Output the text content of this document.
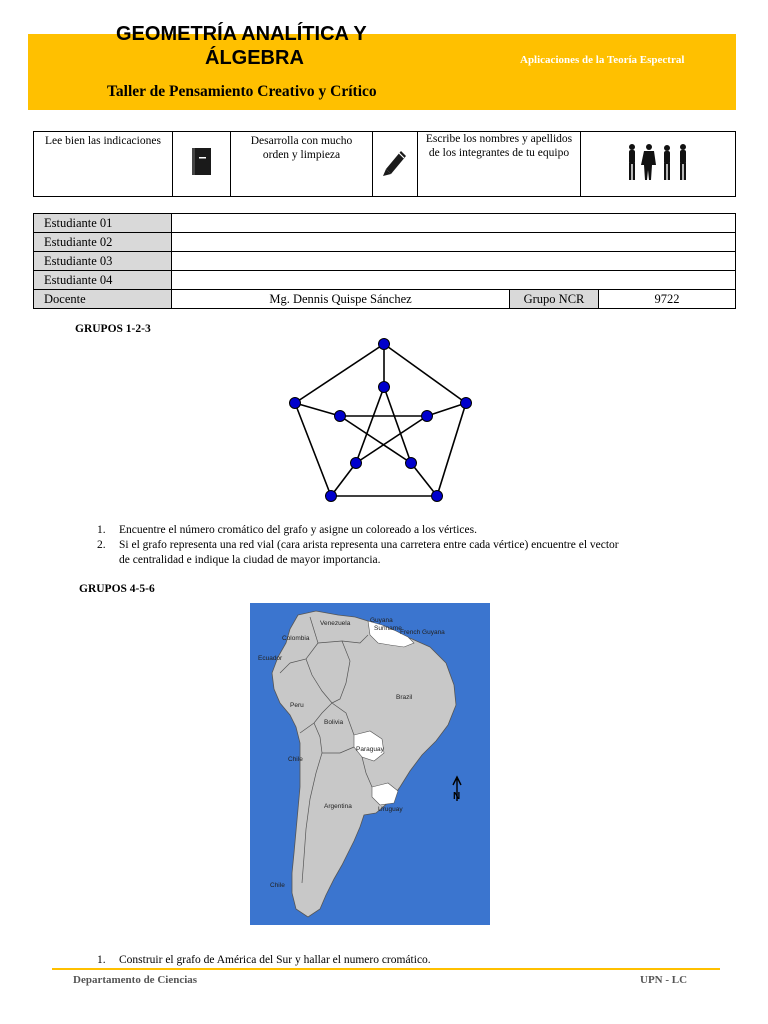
GEOMETRÍA ANALÍTICA Y
ÁLGEBRA
Taller de Pensamiento Creativo y Crítico
Aplicaciones de la Teoría Espectral
Lee bien las indicaciones		Desarrolla con mucho orden y limpieza		Escribe los nombres y apellidos de los integrantes de tu equipo	
Estudiante 01			
Estudiante 02			
Estudiante 03			
Estudiante 04			
Docente	Mg. Dennis Quispe Sánchez	Grupo NCR	9722
GRUPOS 1-2-3
1. Encuentre el número cromático del grafo y asigne un coloreado a los vértices.
2. Si el grafo representa una red vial (cara arista representa una carretera entre cada vértice) encuentre el vector
de centralidad e indique la ciudad de mayor importancia.
GRUPOS 4-5-6
Venezuela	Guyana
Suriname
French Guyana
Colombia
Ecuador
Peru
Brazil
Bolivia
Paraguay
Chile
Argentina	Uruguay
Chile
N
1. Construir el grafo de América del Sur y hallar el numero cromático.
Departamento de Ciencias	UPN - LC
